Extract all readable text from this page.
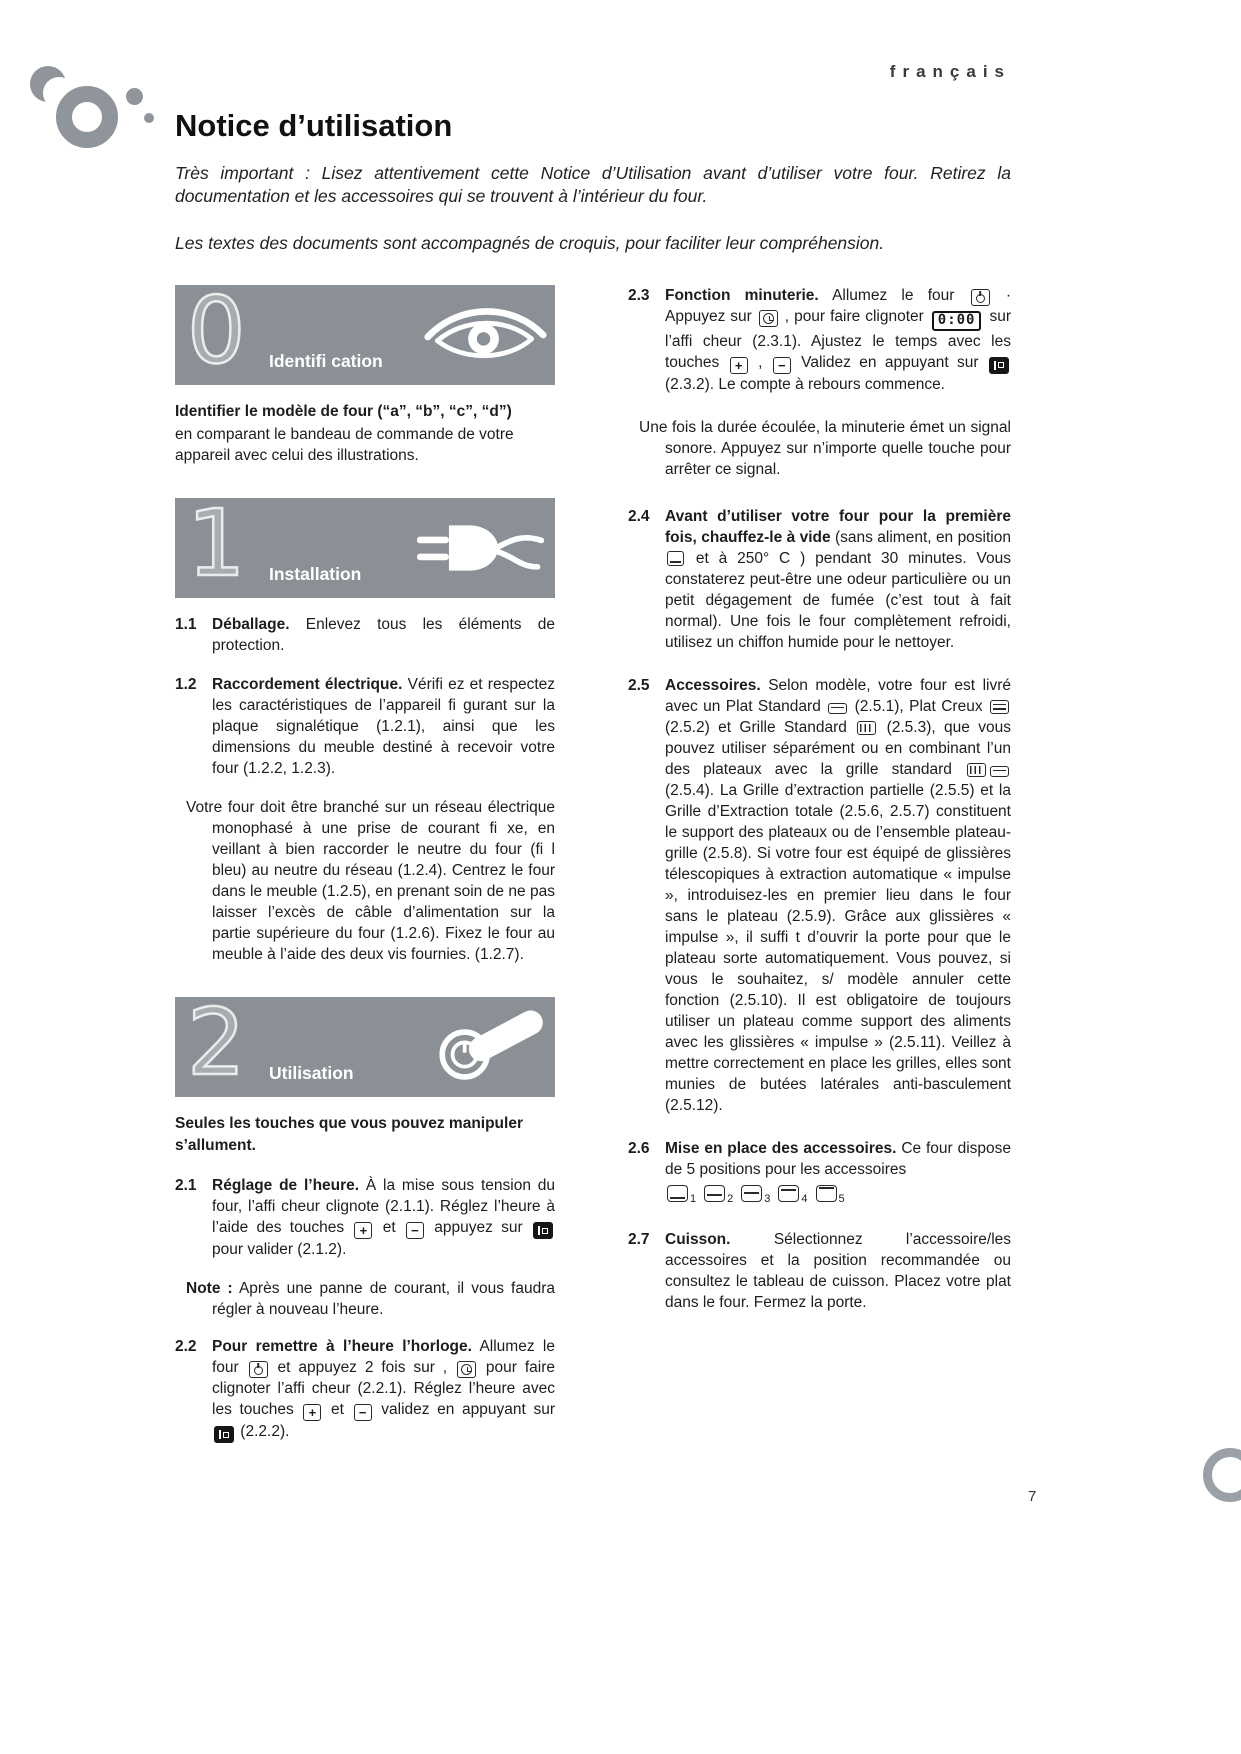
7
français
Notice d’utilisation

Très important : Lisez attentivement cette Notice d’Utilisation avant d’utiliser votre four. Retirez la documentation et les accessoires qui se trouvent à l’intérieur du four.

Les textes des documents sont accompagnés de croquis, pour faciliter leur compréhension.

0 Identifi cation

Identifier le modèle de four (“a”, “b”, “c”, “d”)

en comparant le bandeau de commande de votre appareil avec celui des illustrations.

1 Installation
1.1 Déballage. Enlevez tous les éléments de protection.

1.2 Raccordement électrique. Vérifi ez et respectez les caractéristiques de l’appareil fi gurant sur la plaque signalétique (1.2.1), ainsi que les dimensions du meuble destiné à recevoir votre four (1.2.2, 1.2.3).

Votre four doit être branché sur un réseau électrique monophasé à une prise de courant fi xe, en veillant à bien raccorder le neutre du four (fi l bleu) au neutre du réseau (1.2.4). Centrez le four dans le meuble (1.2.5), en prenant soin de ne pas laisser l’excès de câble d’alimentation sur la partie supérieure du four (1.2.6). Fixez le four au meuble à l’aide des deux vis fournies. (1.2.7).

2 Utilisation

Seules les touches que vous pouvez manipuler s’allument.

2.1 Réglage de l’heure. À la mise sous tension du four, l’affi cheur clignote (2.1.1). Réglez l’heure à l’aide des touches + et − appuyez sur  pour valider (2.1.2).

Note : Après une panne de courant, il vous faudra régler à nouveau l’heure.

2.2 Pour remettre à l’heure l’horloge. Allumez le four  et appuyez 2 fois sur ,  pour faire clignoter l’affi cheur (2.2.1). Réglez l’heure avec les touches + et − validez en appuyant sur  (2.2.2).

2.3 Fonction minuterie. Allumez le four  · Appuyez sur  , pour faire clignoter 0:00 sur l’affi cheur (2.3.1). Ajustez le temps avec les touches + , − Validez en appuyant sur  (2.3.2). Le compte à rebours commence.

Une fois la durée écoulée, la minuterie émet un signal sonore. Appuyez sur n’importe quelle touche pour arrêter ce signal.

2.4 Avant d’utiliser votre four pour la première fois, chauffez-le à vide (sans aliment, en position  et à 250° C ) pendant 30 minutes. Vous constaterez peut-être une odeur particulière ou un petit dégagement de fumée (c’est tout à fait normal). Une fois le four complètement refroidi, utilisez un chiffon humide pour le nettoyer.

2.5 Accessoires. Selon modèle, votre four est livré avec un Plat Standard  (2.5.1), Plat Creux  (2.5.2) et Grille Standard  (2.5.3), que vous pouvez utiliser séparément ou en combinant l’un des plateaux avec la grille standard  (2.5.4). La Grille d’extraction partielle (2.5.5) et la Grille d’Extraction totale (2.5.6, 2.5.7) constituent le support des plateaux ou de l’ensemble plateau-grille (2.5.8). Si votre four est équipé de glissières télescopiques à extraction automatique « impulse », introduisez-les en premier lieu dans le four sans le plateau (2.5.9). Grâce aux glissières « impulse », il suffi t d’ouvrir la porte pour que le plateau sorte automatiquement. Vous pouvez, si vous le souhaitez, s/ modèle annuler cette fonction (2.5.10). Il est obligatoire de toujours utiliser un plateau comme support des aliments avec les glissières « impulse » (2.5.11). Veillez à mettre correctement en place les grilles, elles sont munies de butées latérales anti-basculement (2.5.12).

2.6 Mise en place des accessoires. Ce four dispose de 5 positions pour les accessoires
$_1$	$_2$	$_3$	$_4$	$_5$

2.7 Cuisson.	Sélectionnez l’accessoire/les accessoires et la position recommandée ou consultez le tableau de cuisson. Placez votre plat dans le four. Fermez la porte.
